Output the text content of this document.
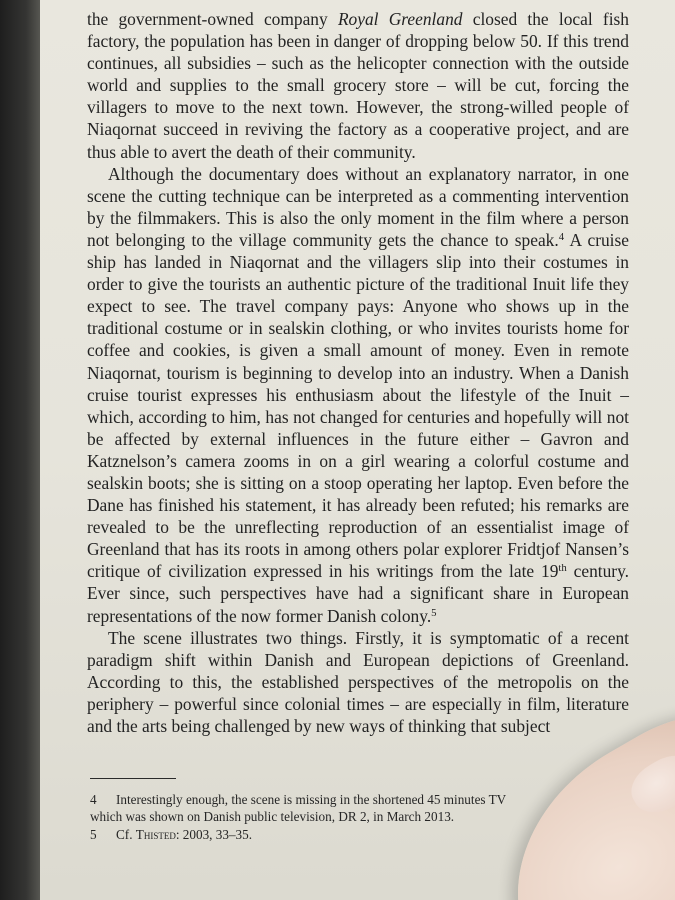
the government-owned company Royal Greenland closed the local fish factory, the population has been in danger of dropping below 50. If this trend continues, all subsidies – such as the helicopter connection with the outside world and supplies to the small grocery store – will be cut, forcing the villagers to move to the next town. However, the strong-willed people of Niaqornat succeed in reviving the factory as a cooperative project, and are thus able to avert the death of their community.

Although the documentary does without an explanatory narrator, in one scene the cutting technique can be interpreted as a commenting intervention by the filmmakers. This is also the only moment in the film where a person not belonging to the village community gets the chance to speak.$^4$ A cruise ship has landed in Niaqornat and the villagers slip into their costumes in order to give the tourists an authentic picture of the traditional Inuit life they expect to see. The travel company pays: Anyone who shows up in the traditional costume or in sealskin clothing, or who invites tourists home for coffee and cookies, is given a small amount of money. Even in remote Niaqornat, tourism is beginning to develop into an industry. When a Danish cruise tourist expresses his enthusiasm about the lifestyle of the Inuit – which, according to him, has not changed for centuries and hopefully will not be affected by external influences in the future either – Gavron and Katznelson’s camera zooms in on a girl wearing a colorful costume and sealskin boots; she is sitting on a stoop operating her laptop. Even before the Dane has finished his statement, it has already been refuted; his remarks are revealed to be the unreflecting reproduction of an essentialist image of Greenland that has its roots in among others polar explorer Fridtjof Nansen’s critique of civilization expressed in his writings from the late 19th century. Ever since, such perspectives have had a significant share in European representations of the now former Danish colony.$^5$

The scene illustrates two things. Firstly, it is symptomatic of a recent paradigm shift within Danish and European depictions of Greenland. According to this, the established perspectives of the metropolis on the periphery – powerful since colonial times – are especially in film, literature and the arts being challenged by new ways of thinking that subject

4 Interestingly enough, the scene is missing in the shortened 45 minutes TV
which was shown on Danish public television, DR 2, in March 2013.

5 Cf. Thisted: 2003, 33–35.
